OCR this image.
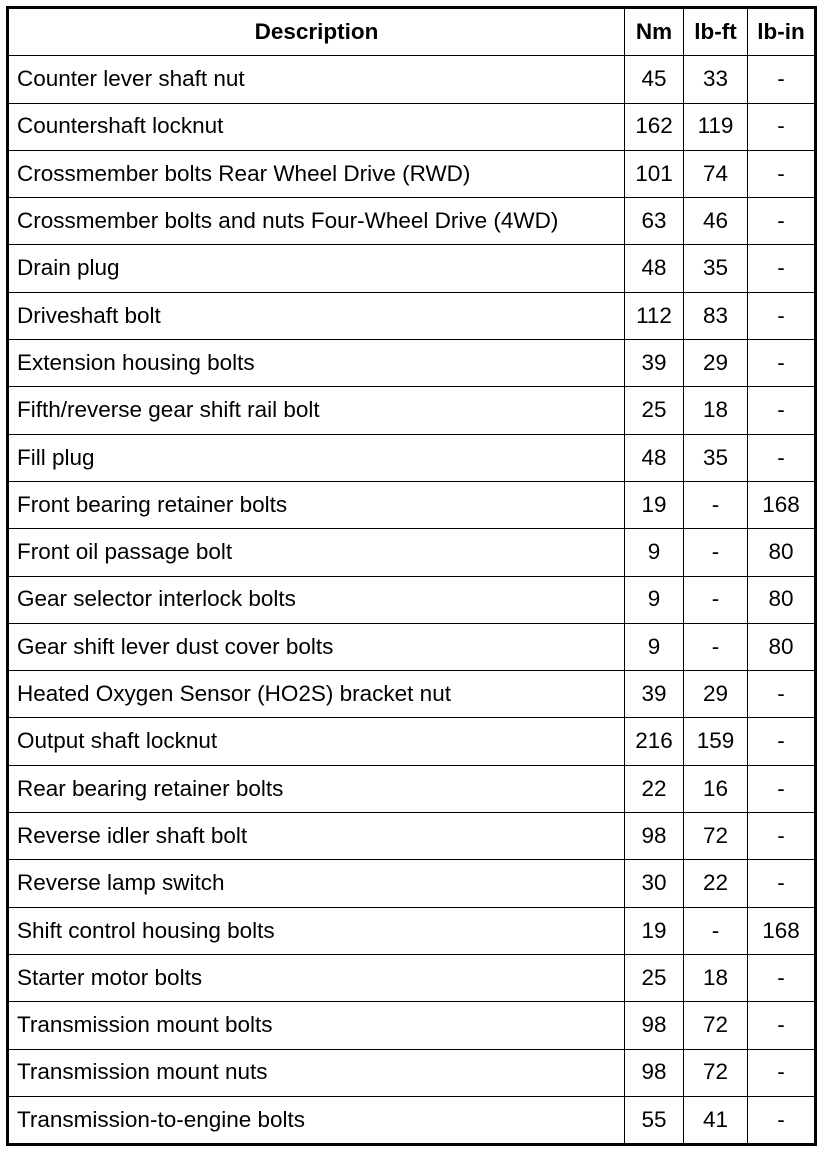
Description	Nm	lb-ft	lb-in
Counter lever shaft nut	45	33	-
Countershaft locknut	162	119	-
Crossmember bolts Rear Wheel Drive (RWD)	101	74	-
Crossmember bolts and nuts Four-Wheel Drive (4WD)	63	46	-
Drain plug	48	35	-
Driveshaft bolt	112	83	-
Extension housing bolts	39	29	-
Fifth/reverse gear shift rail bolt	25	18	-
Fill plug	48	35	-
Front bearing retainer bolts	19	-	168
Front oil passage bolt	9	-	80
Gear selector interlock bolts	9	-	80
Gear shift lever dust cover bolts	9	-	80
Heated Oxygen Sensor (HO2S) bracket nut	39	29	-
Output shaft locknut	216	159	-
Rear bearing retainer bolts	22	16	-
Reverse idler shaft bolt	98	72	-
Reverse lamp switch	30	22	-
Shift control housing bolts	19	-	168
Starter motor bolts	25	18	-
Transmission mount bolts	98	72	-
Transmission mount nuts	98	72	-
Transmission-to-engine bolts	55	41	-
